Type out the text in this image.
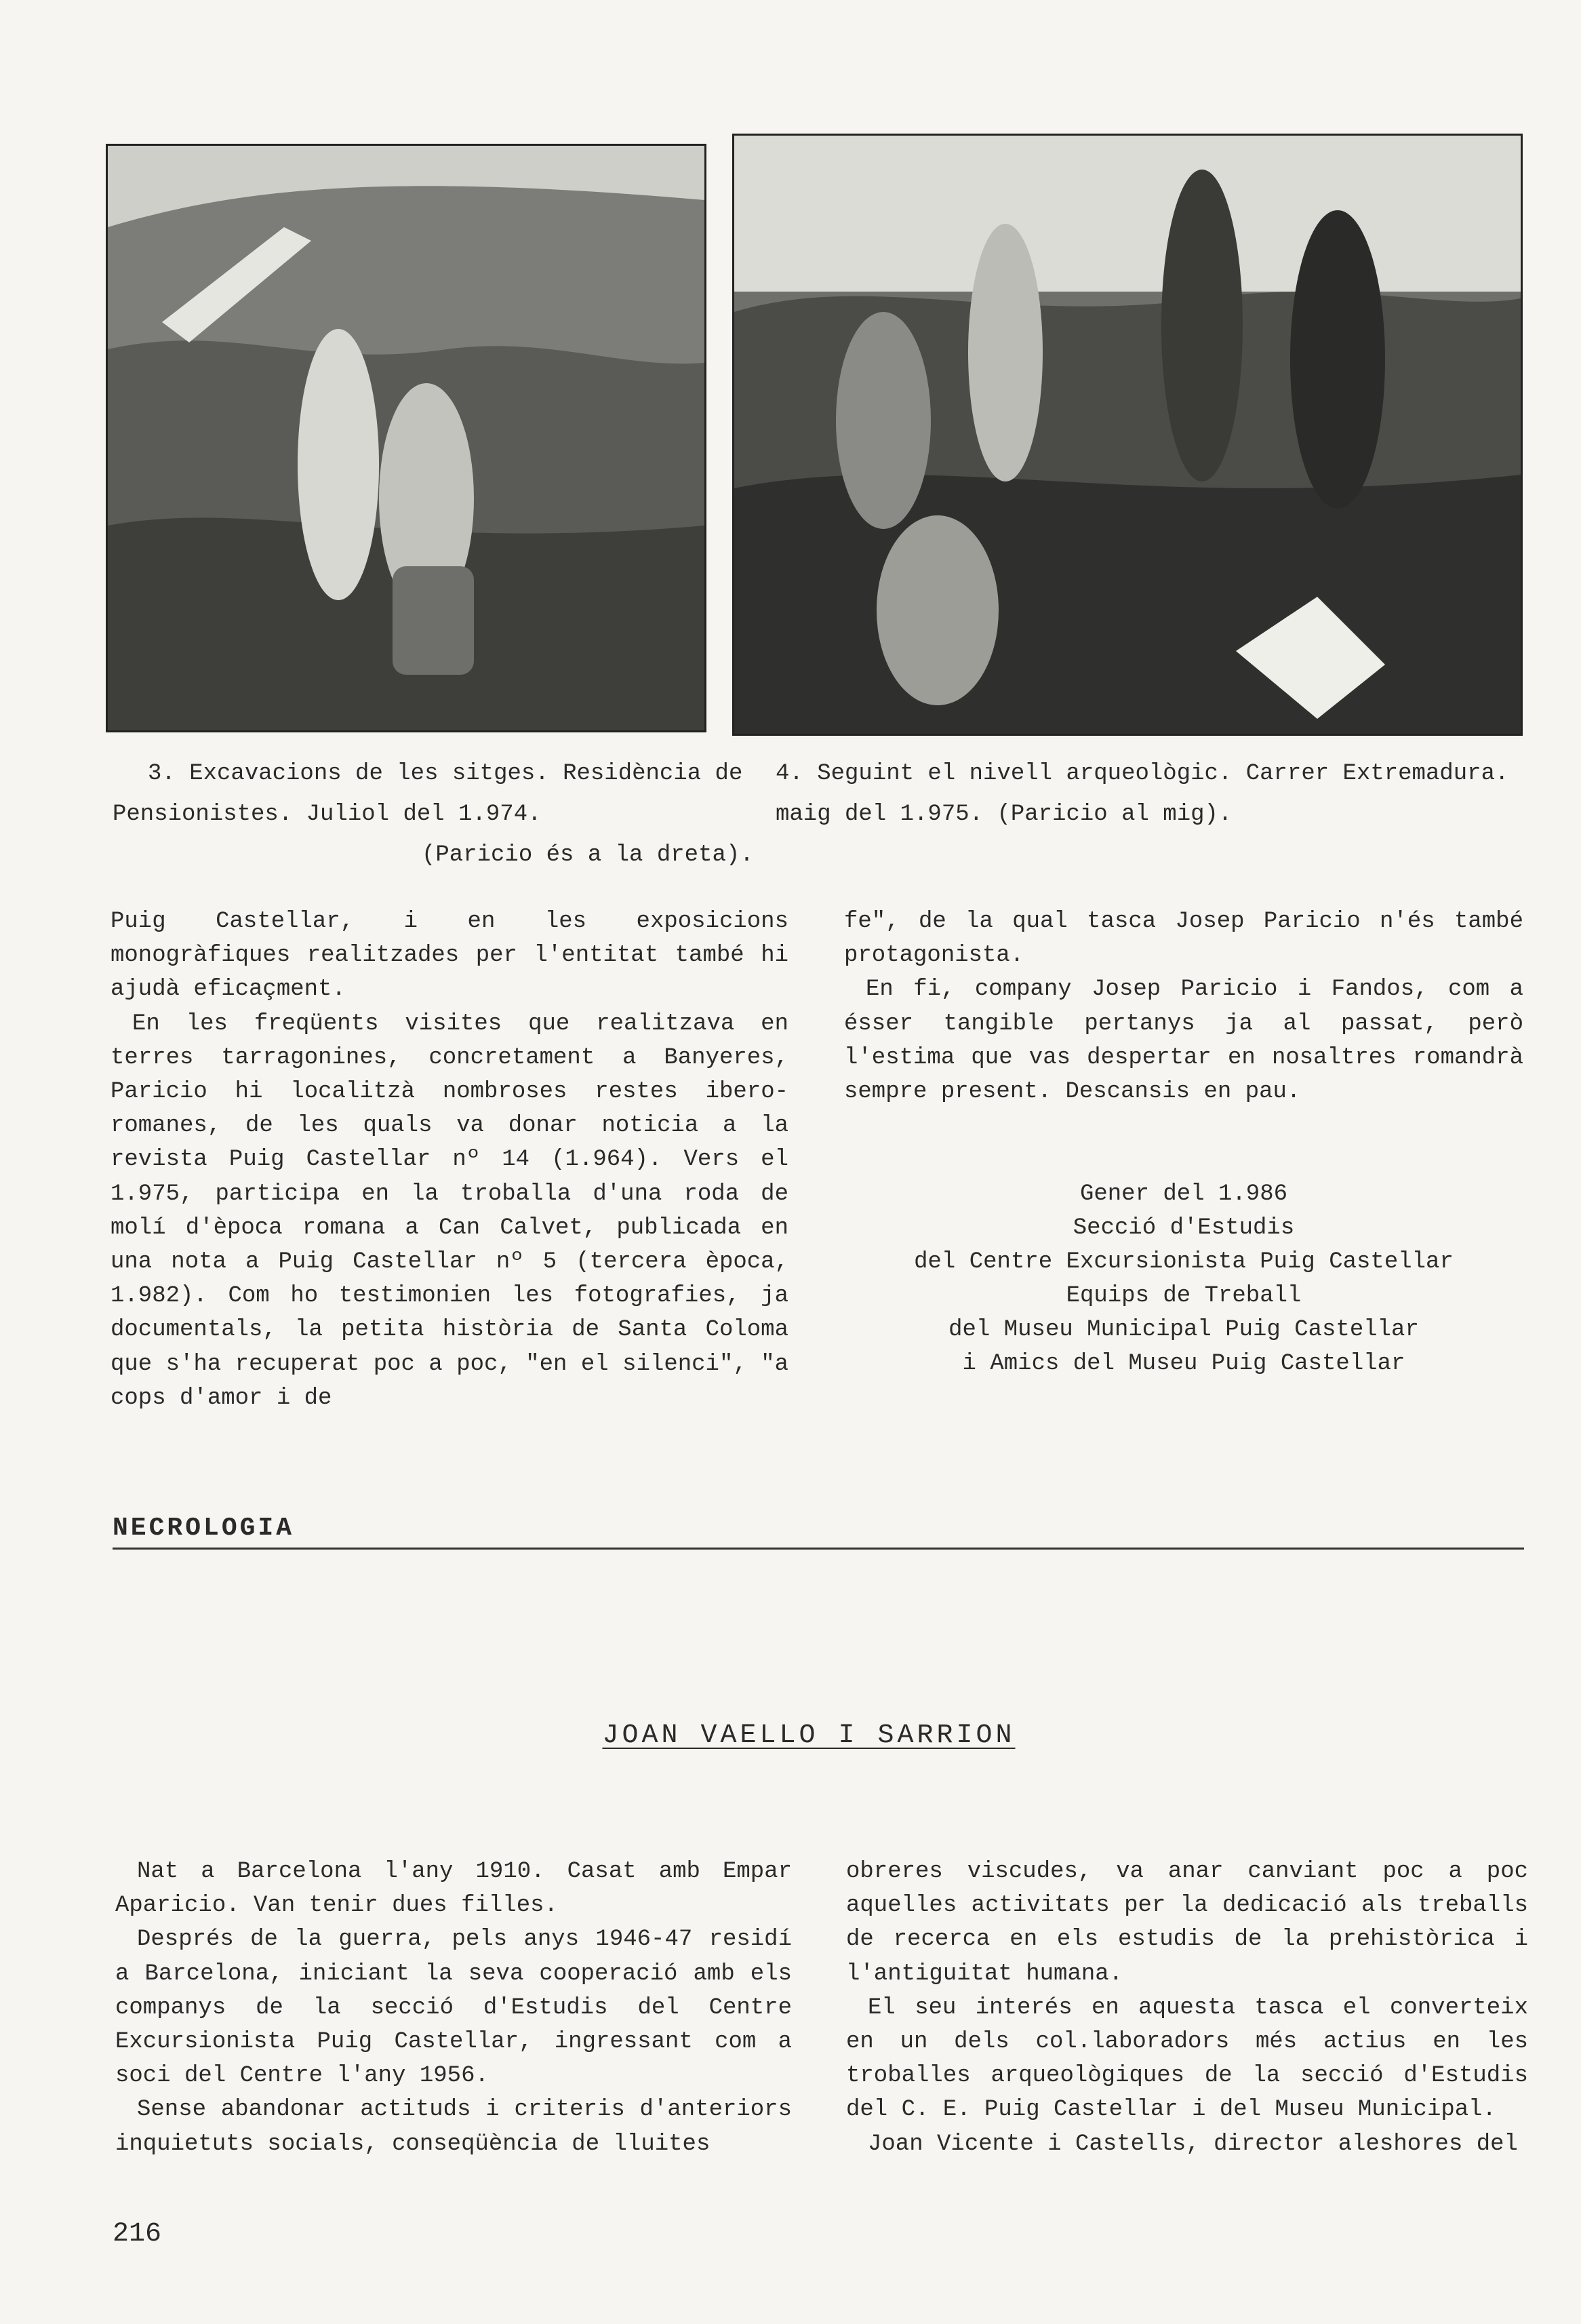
3. Excavacions de les sitges. Residència de
Pensionistes. Juliol del 1.974.
(Paricio és a la dreta).
4. Seguint el nivell arqueològic. Carrer Extremadura.
maig del 1.975. (Paricio al mig).

Puig Castellar, i en les exposicions monogràfiques realitzades per l'entitat també hi ajudà eficaçment.

En les freqüents visites que realitzava en terres tarragonines, concretament a Banyeres, Paricio hi localitzà nombroses restes ibero-romanes, de les quals va donar noticia a la revista Puig Castellar nº 14 (1.964). Vers el 1.975, participa en la troballa d'una roda de molí d'època romana a Can Calvet, publicada en una nota a Puig Castellar nº 5 (tercera època, 1.982). Com ho testimonien les fotografies, ja documentals, la petita història de Santa Coloma que s'ha recuperat poc a poc, "en el silenci", "a cops d'amor i de

fe", de la qual tasca Josep Paricio n'és també protagonista.

En fi, company Josep Paricio i Fandos, com a ésser tangible pertanys ja al passat, però l'estima que vas despertar en nosaltres romandrà sempre present. Descansis en pau.

Gener del 1.986
Secció d'Estudis
del Centre Excursionista Puig Castellar
Equips de Treball
del Museu Municipal Puig Castellar
i Amics del Museu Puig Castellar
NECROLOGIA
JOAN VAELLO I SARRION

Nat a Barcelona l'any 1910. Casat amb Empar Aparicio. Van tenir dues filles.

Després de la guerra, pels anys 1946-47 residí a Barcelona, iniciant la seva cooperació amb els companys de la secció d'Estudis del Centre Excursionista Puig Castellar, ingressant com a soci del Centre l'any 1956.

Sense abandonar actituds i criteris d'anteriors inquietuts socials, conseqüència de lluites

obreres viscudes, va anar canviant poc a poc aquelles activitats per la dedicació als treballs de recerca en els estudis de la prehistòrica i l'antiguitat humana.

El seu interés en aquesta tasca el converteix en un dels col.laboradors més actius en les troballes arqueològiques de la secció d'Estudis del C. E. Puig Castellar i del Museu Municipal.

Joan Vicente i Castells, director aleshores del

216
